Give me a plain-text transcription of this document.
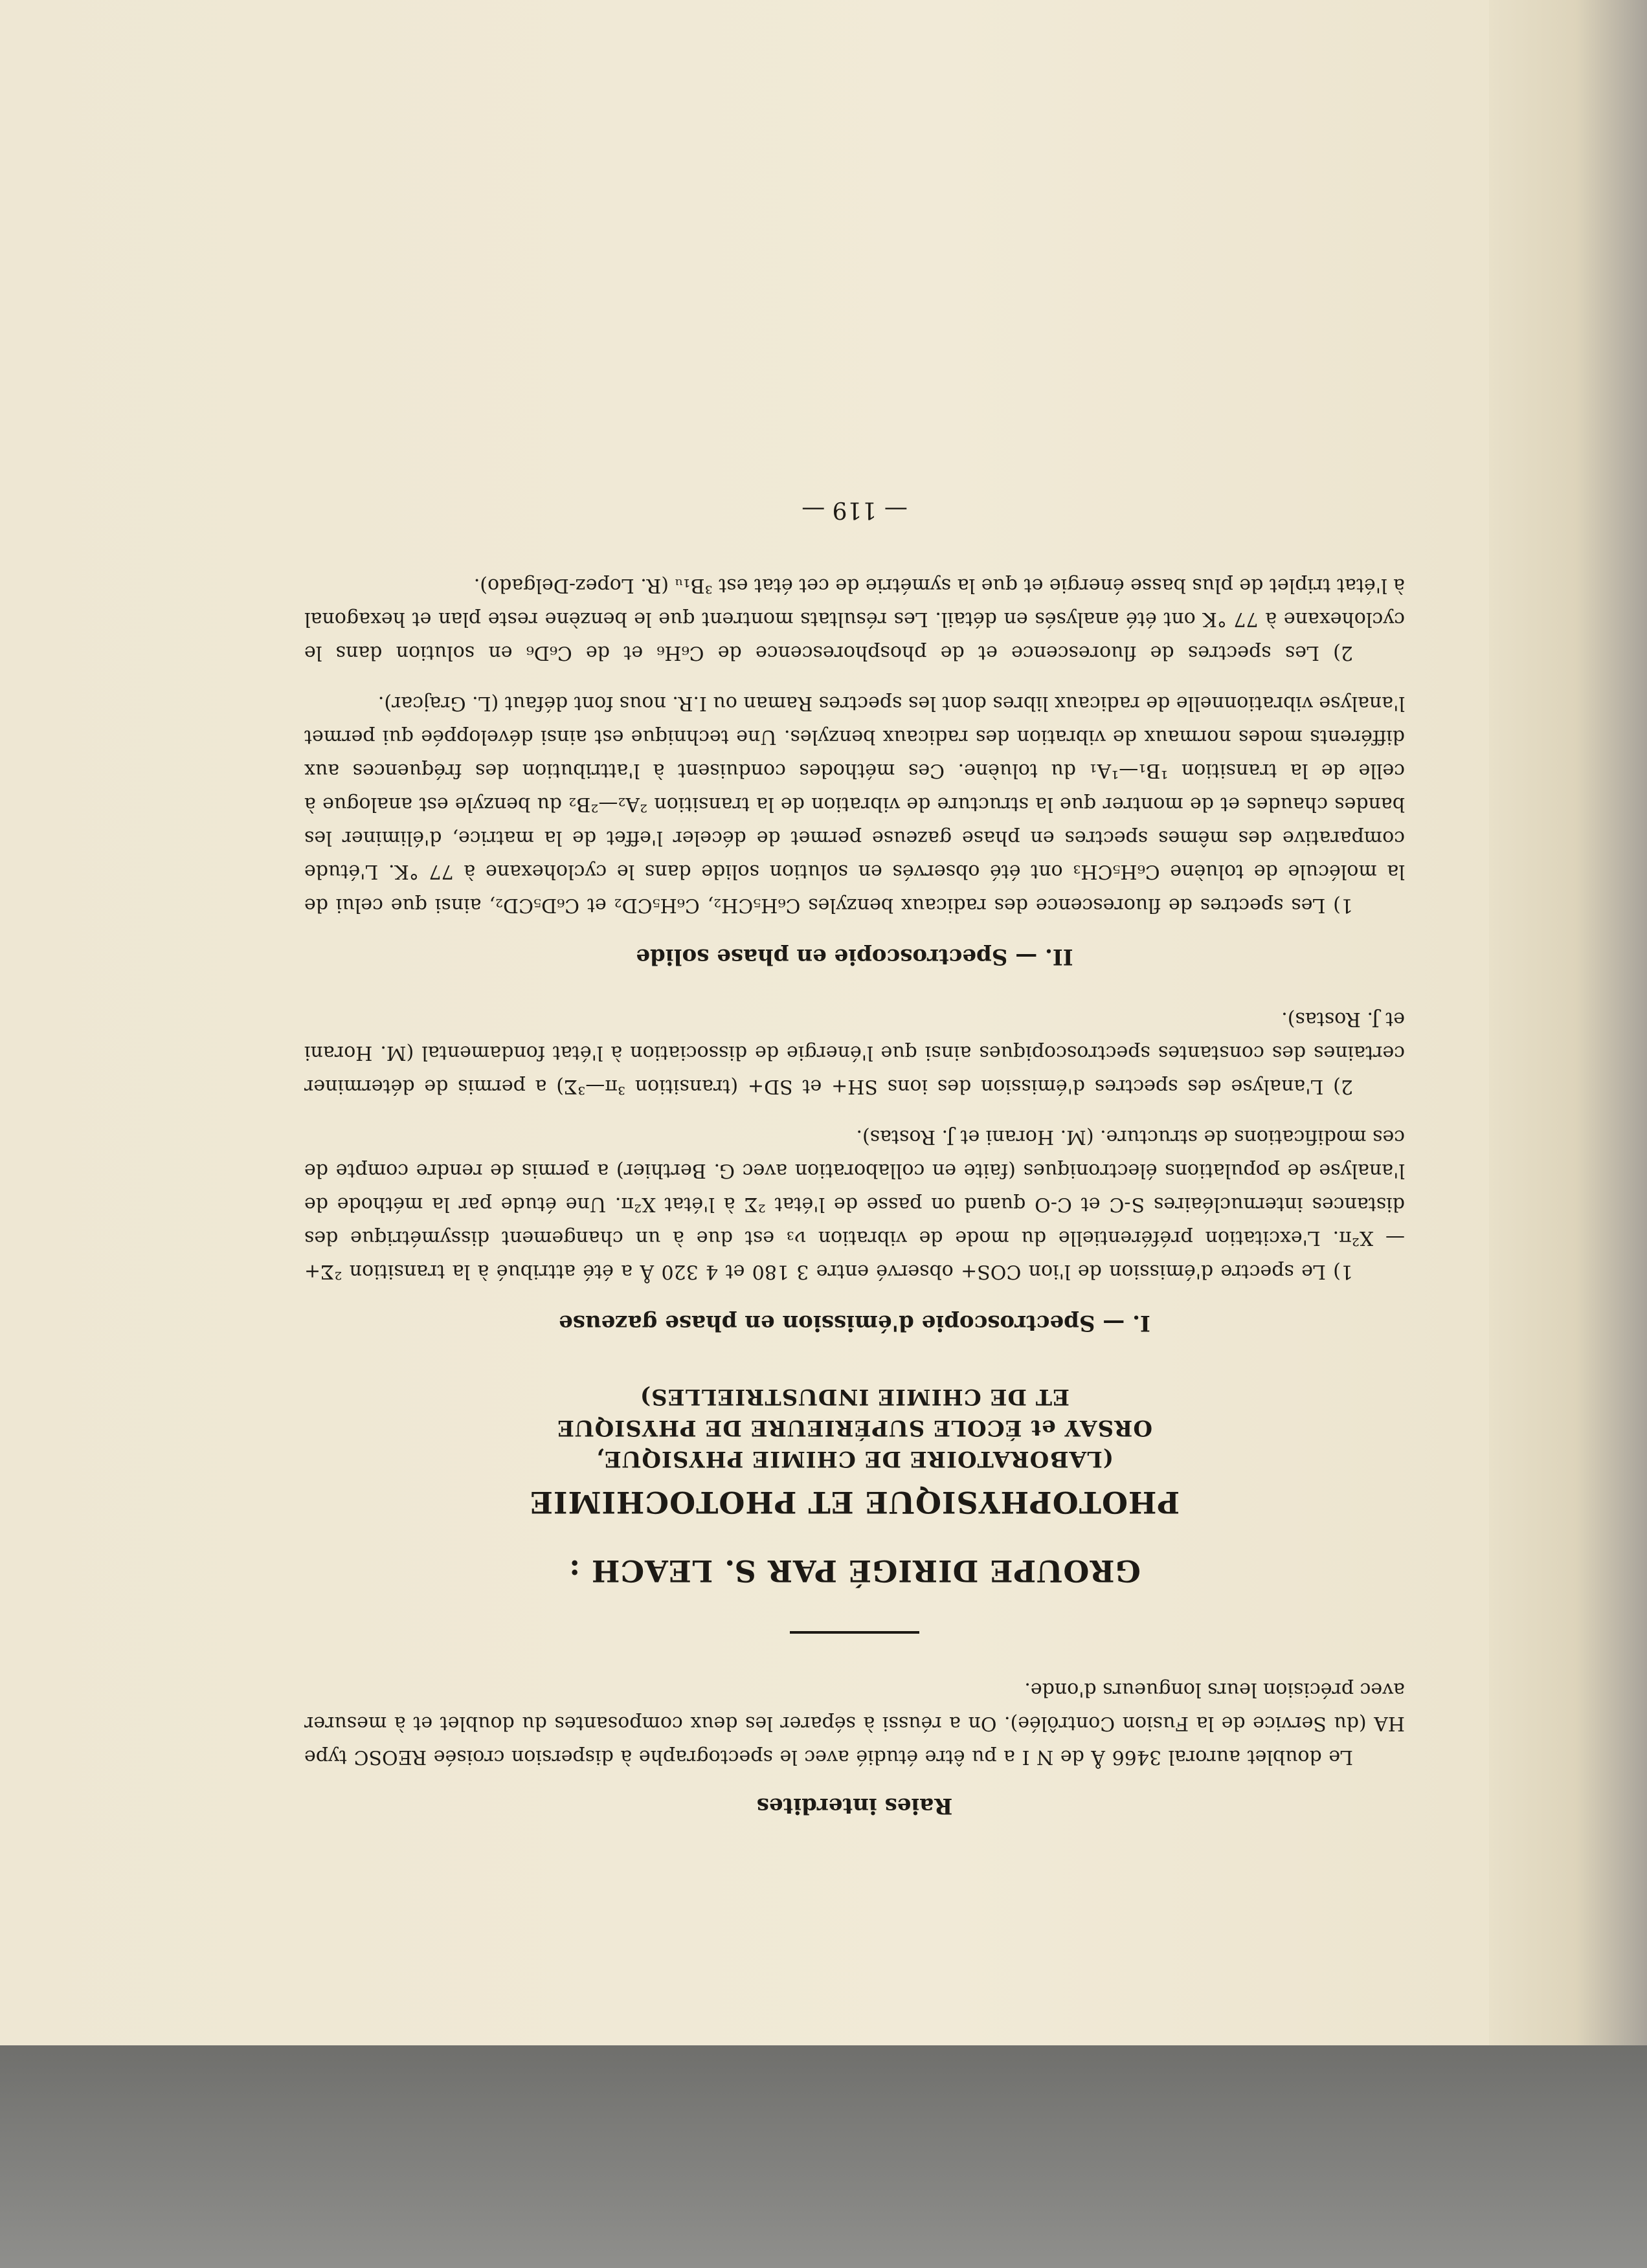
Raies interdites

Le doublet auroral 3466 Å de N I a pu être étudié avec le spectographe à dispersion croisée REOSC type HA (du Service de la Fusion Contrôlée). On a réussi à séparer les deux composantes du doublet et à mesurer avec précision leurs longueurs d'onde.

GROUPE DIRIGÉ PAR S. LEACH :
PHOTOPHYSIQUE ET PHOTOCHIMIE
(LABORATOIRE DE CHIMIE PHYSIQUE,
ORSAY et ÉCOLE SUPÉRIEURE DE PHYSIQUE
ET DE CHIMIE INDUSTRIELLES)
I. — Spectroscopie d'émission en phase gazeuse

1) Le spectre d'émission de l'ion COS+ observé entre 3 180 et 4 320 Å a été attribué à la transition ²Σ+ — X²π. L'excitation préférentielle du mode de vibration ν₃ est due à un changement dissymétrique des distances internucléaires S-C et C-O quand on passe de l'état ²Σ à l'état X²π. Une étude par la méthode de l'analyse de populations électroniques (faite en collaboration avec G. Berthier) a permis de rendre compte de ces modifications de structure. (M. Horani et J. Rostas).

2) L'analyse des spectres d'émission des ions SH+ et SD+ (transition ³π—³Σ) a permis de déterminer certaines des constantes spectroscopiques ainsi que l'énergie de dissociation à l'état fondamental (M. Horani et J. Rostas).

II. — Spectroscopie en phase solide

1) Les spectres de fluorescence des radicaux benzyles C₆H₅CH₂, C₆H₅CD₂ et C₆D₅CD₂, ainsi que celui de la molécule de toluène C₆H₅CH₃ ont été observés en solution solide dans le cyclohexane à 77 °K. L'étude comparative des mêmes spectres en phase gazeuse permet de déceler l'effet de la matrice, d'éliminer les bandes chaudes et de montrer que la structure de vibration de la transition ²A₂—²B₂ du benzyle est analogue à celle de la transition ¹B₁—¹A₁ du toluène. Ces méthodes conduisent à l'attribution des fréquences aux différents modes normaux de vibration des radicaux benzyles. Une technique est ainsi développée qui permet l'analyse vibrationnelle de radicaux libres dont les spectres Raman ou I.R. nous font défaut (L. Grajcar).

2) Les spectres de fluorescence et de phosphorescence de C₆H₆ et de C₆D₆ en solution dans le cyclohexane à 77 °K ont été analysés en détail. Les résultats montrent que le benzène reste plan et hexagonal à l'état triplet de plus basse énergie et que la symétrie de cet état est ³B₁ᵤ (R. Lopez-Delgado).

— 119 —
